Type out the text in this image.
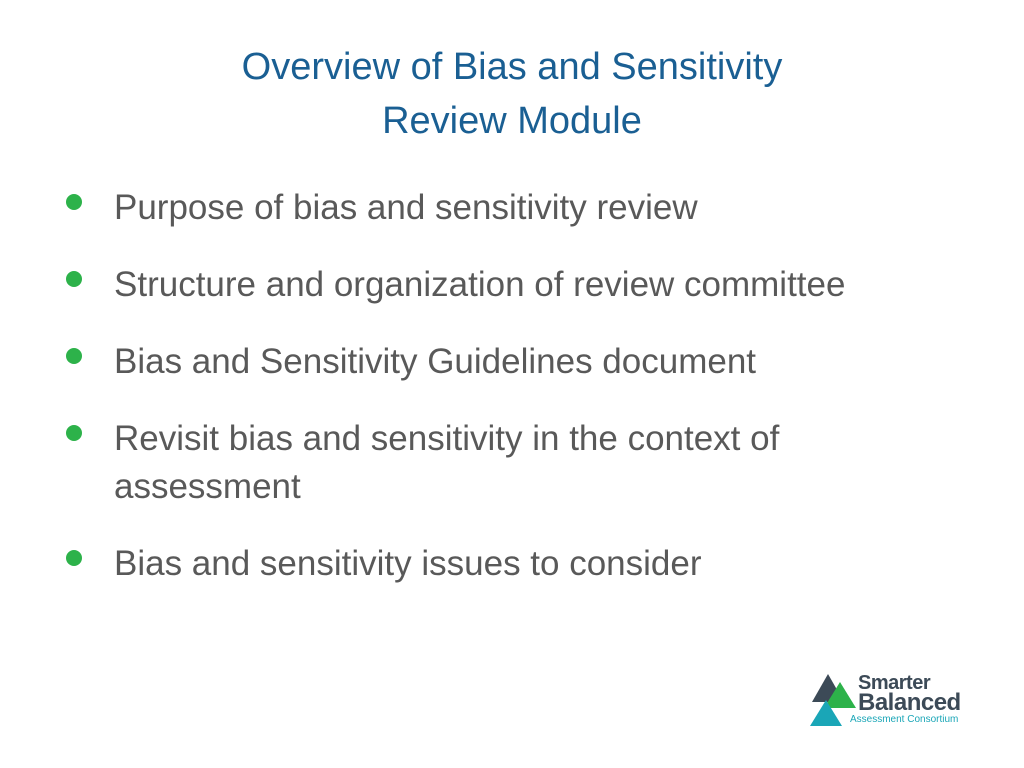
Overview of Bias and Sensitivity
Review Module
Purpose of bias and sensitivity review
Structure and organization of review committee
Bias and Sensitivity Guidelines document
Revisit bias and sensitivity in the context of assessment
Bias and sensitivity issues to consider
Smarter
Balanced
Assessment Consortium
